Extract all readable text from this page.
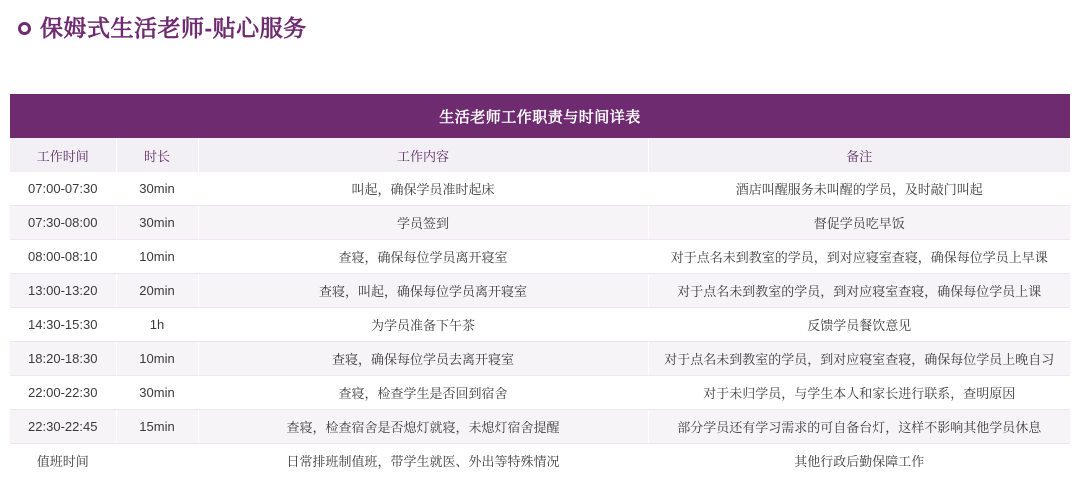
保姆式生活老师-贴心服务
生活老师工作职责与时间详表			
工作时间	时长	工作内容	备注
07:00-07:30	30min	叫起，确保学员准时起床	酒店叫醒服务未叫醒的学员，及时敲门叫起
07:30-08:00	30min	学员签到	督促学员吃早饭
08:00-08:10	10min	查寝，确保每位学员离开寝室	对于点名未到教室的学员，到对应寝室查寝，确保每位学员上早课
13:00-13:20	20min	查寝，叫起，确保每位学员离开寝室	对于点名未到教室的学员，到对应寝室查寝，确保每位学员上课
14:30-15:30	1h	为学员准备下午茶	反馈学员餐饮意见
18:20-18:30	10min	查寝，确保每位学员去离开寝室	对于点名未到教室的学员，到对应寝室查寝，确保每位学员上晚自习
22:00-22:30	30min	查寝，检查学生是否回到宿舍	对于未归学员，与学生本人和家长进行联系，查明原因
22:30-22:45	15min	查寝，检查宿舍是否熄灯就寝，未熄灯宿舍提醒	部分学员还有学习需求的可自备台灯，这样不影响其他学员休息
值班时间		日常排班制值班，带学生就医、外出等特殊情况	其他行政后勤保障工作
